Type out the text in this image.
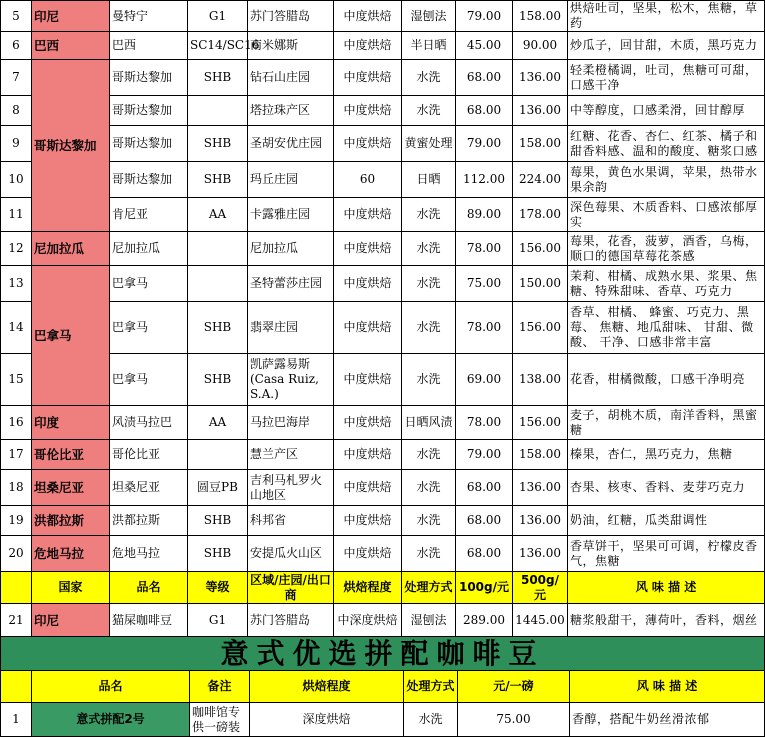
5	印尼	曼特宁	G1	苏门答腊岛	中度烘焙	湿刨法	79.00	158.00	烘焙吐司，坚果，松木，焦糖，草药
6	巴西	巴西	SC14/SC16	南米娜斯	中度烘焙	半日晒	45.00	90.00	炒瓜子，回甘甜，木质，黑巧克力
7	哥斯达黎加	哥斯达黎加	SHB	钻石山庄园	中度烘焙	水洗	68.00	136.00	轻柔橙橘调，吐司，焦糖可可甜，口感干净
8		哥斯达黎加		塔拉珠产区	中度烘焙	水洗	68.00	136.00	中等醇度，口感柔滑，回甘醇厚
9		哥斯达黎加	SHB	圣胡安优庄园	中度烘焙	黄蜜处理	79.00	158.00	红糖、花香、杏仁、红茶、橘子和甜香料感、温和的酸度、糖浆口感
10		哥斯达黎加	SHB	玛丘庄园	60	日晒	112.00	224.00	莓果，黄色水果调，苹果，热带水果余韵
11		肯尼亚	AA	卡露雅庄园	中度烘焙	水洗	89.00	178.00	深色莓果、木质香料、口感浓郁厚实
12	尼加拉瓜	尼加拉瓜		尼加拉瓜	中度烘焙	水洗	78.00	156.00	莓果，花香，菠萝，酒香，乌梅，顺口的德国草莓花茶感
13	巴拿马	巴拿马		圣特蕾莎庄园	中度烘焙	水洗	75.00	150.00	茉莉、柑橘、成熟水果、浆果、焦糖、特殊甜味、香草、巧克力
14		巴拿马	SHB	翡翠庄园	中度烘焙	水洗	78.00	156.00	香草、柑橘、 蜂蜜、巧克力、黑莓、 焦糖、地瓜甜味、 甘甜、微酸、 干净、口感非常丰富
15		巴拿马	SHB	凯萨露易斯(Casa Ruiz, S.A.)	中度烘焙	水洗	69.00	138.00	花香，柑橘微酸，口感干净明亮
16	印度	风渍马拉巴	AA	马拉巴海岸	中度烘焙	日晒风渍	78.00	156.00	麦子，胡桃木质，南洋香料，黑蜜糖
17	哥伦比亚	哥伦比亚		慧兰产区	中度烘焙	水洗	79.00	158.00	榛果，杏仁，黑巧克力，焦糖
18	坦桑尼亚	坦桑尼亚	圆豆PB	吉利马札罗火山地区	中度烘焙	水洗	68.00	136.00	杏果、核枣、香料、麦芽巧克力
19	洪都拉斯	洪都拉斯	SHB	科邦省	中度烘焙	水洗	68.00	136.00	奶油，红糖，瓜类甜调性
20	危地马拉	危地马拉	SHB	安提瓜火山区	中度烘焙	水洗	68.00	136.00	香草饼干，坚果可可调，柠檬皮香气，焦糖
	国家	品名	等级	区域/庄园/出口商	烘焙程度	处理方式	100g/元	500g/元	风 味 描 述
21	印尼	猫屎咖啡豆	G1	苏门答腊岛	中深度烘焙	湿刨法	289.00	1445.00	糖浆般甜干，薄荷叶，香料，烟丝
意式优选拼配咖啡豆						
	品名	备注	烘焙程度	处理方式	元/一磅	风 味 描 述
1	意式拼配2号	咖啡馆专供一磅装	深度烘焙	水洗	75.00	香醇，搭配牛奶丝滑浓郁
